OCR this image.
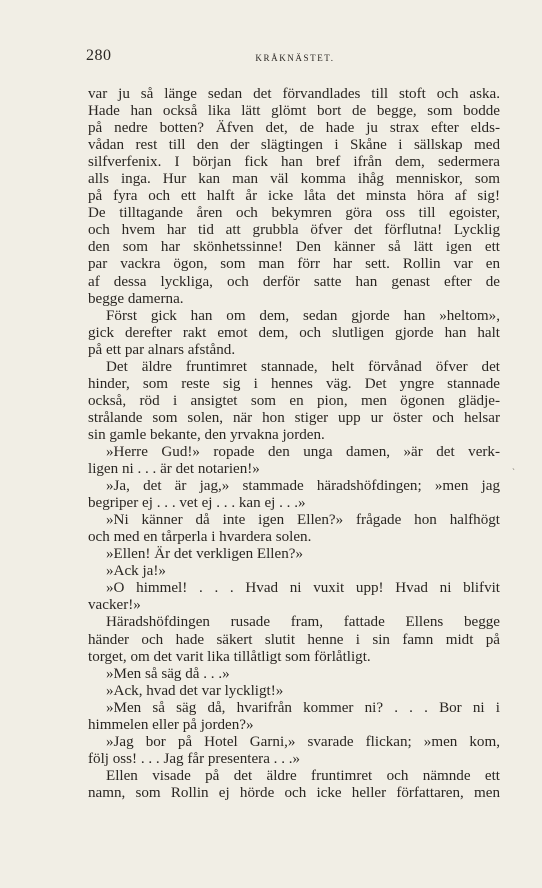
280	KRÅKNÄSTET.
var ju så länge sedan det förvandlades till stoft och aska.
Hade han också lika lätt glömt bort de begge, som bodde
på nedre botten? Äfven det, de hade ju strax efter elds-
vådan rest till den der slägtingen i Skåne i sällskap med
silfverfenix. I början fick han bref ifrån dem, sedermera
alls inga. Hur kan man väl komma ihåg menniskor, som
på fyra och ett halft år icke låta det minsta höra af sig!
De tilltagande åren och bekymren göra oss till egoister,
och hvem har tid att grubbla öfver det förflutna! Lycklig
den som har skönhetssinne! Den känner så lätt igen ett
par vackra ögon, som man förr har sett. Rollin var en
af dessa lyckliga, och derför satte han genast efter de
begge damerna.
Först gick han om dem, sedan gjorde han »heltom»,
gick derefter rakt emot dem, och slutligen gjorde han halt
på ett par alnars afstånd.
Det äldre fruntimret stannade, helt förvånad öfver det
hinder, som reste sig i hennes väg. Det yngre stannade
också, röd i ansigtet som en pion, men ögonen glädje-
strålande som solen, när hon stiger upp ur öster och helsar
sin gamle bekante, den yrvakna jorden.
»Herre Gud!» ropade den unga damen, »är det verk-
ligen ni . . . är det notarien!»
»Ja, det är jag,» stammade häradshöfdingen; »men jag
begriper ej . . . vet ej . . . kan ej . . .»
»Ni känner då inte igen Ellen?» frågade hon halfhögt
och med en tårperla i hvardera solen.
»Ellen! Är det verkligen Ellen?»
»Ack ja!»
»O himmel! . . . Hvad ni vuxit upp! Hvad ni blifvit
vacker!»
Häradshöfdingen rusade fram, fattade Ellens begge
händer och hade säkert slutit henne i sin famn midt på
torget, om det varit lika tillåtligt som förlåtligt.
»Men så säg då . . .»
»Ack, hvad det var lyckligt!»
»Men så säg då, hvarifrån kommer ni? . . . Bor ni i
himmelen eller på jorden?»
»Jag bor på Hotel Garni,» svarade flickan; »men kom,
följ oss! . . . Jag får presentera . . .»
Ellen visade på det äldre fruntimret och nämnde ett
namn, som Rollin ej hörde och icke heller författaren, men
`
